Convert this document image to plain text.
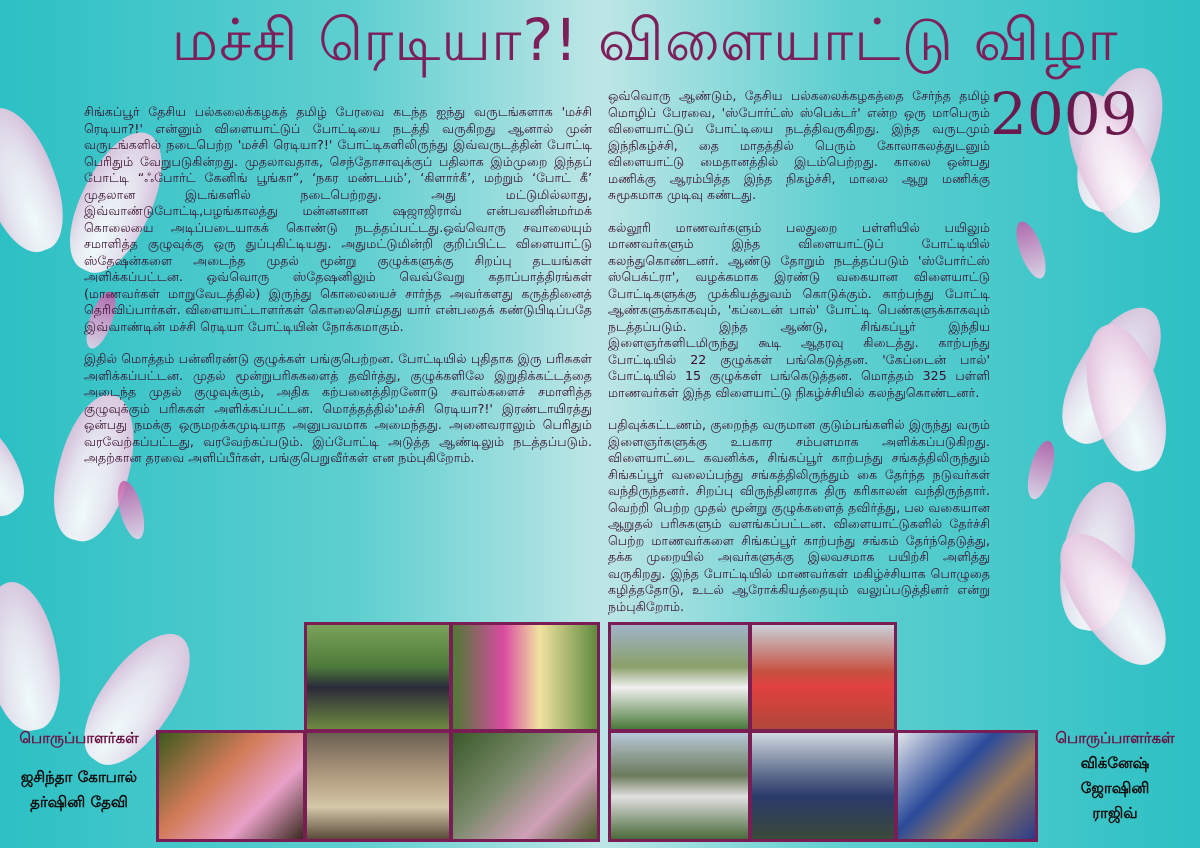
மச்சி ரெடியா?! விளையாட்டு விழா
2009

சிங்கப்பூர் தேசிய பல்கலைக்கழகத் தமிழ் பேரவை கடந்த ஐந்து வருடங்களாக 'மச்சி ரெடியா?!' என்னும் விளையாட்டுப் போட்டியை நடத்தி வருகிறது ஆனால் முன் வருடங்களில் நடைபெற்ற 'மச்சி ரெடியா?!' போட்டிகளிலிருந்து இவ்வருடத்தின் போட்டி பெரிதும் வேறுபடுகின்றது. முதலாவதாக, செந்தோசாவுக்குப் பதிலாக இம்முறை இந்தப் போட்டி “ஃபோர்ட் கேனிங் பூங்கா”, ‘நகர மண்டபம்’, ‘கிளார்கீ’, மற்றும் ‘போட் கீ’ முதலான இடங்களில் நடைபெற்றது. அது மட்டுமில்லாது, இவ்வாண்டுபோட்டி,பழங்காலத்து மன்னனான ஷஜாஜிராவ் என்பவனின்மர்மக் கொலையை அடிப்படையாகக் கொண்டு நடத்தப்பட்டது.ஒவ்வொரு சவாலையும் சமாளித்த குழுவுக்கு ஒரு துப்புகிட்டியது. அதுமட்டுமின்றி குறிப்பிட்ட விளையாட்டு ஸ்தேஷன்களை அடைந்த முதல் மூன்று குழுக்களுக்கு சிறப்பு தடயங்கள் அளிக்கப்பட்டன. ஒவ்வொரு ஸ்தேஷனிலும் வெவ்வேறு கதாப்பாத்திரங்கள் (மாணவர்கள் மாறுவேடத்தில்) இருந்து கொலையைச் சார்ந்த அவர்களது கருத்தினைத் தெரிவிப்பார்கள். விளையாட்டாளர்கள் கொலைசெய்தது யார் என்பதைக் கண்டுபிடிப்பதே இவ்வாண்டின் மச்சி ரெடியா போட்டியின் நோக்கமாகும்.

இதில் மொத்தம் பன்னிரண்டு குழுக்கள் பங்குபெற்றன. போட்டியில் புதிதாக இரு பரிசுகள் அளிக்கப்பட்டன. முதல் மூன்றுபரிசுகளைத் தவிர்த்து, குழுக்களிலே இறுதிக்கட்டத்தை அடைந்த முதல் குழுவுக்கும், அதிக கற்பனைத்திறனோடு சவால்களைச் சமாளித்த குழுவுக்கும் பரிசுகள் அளிக்கப்பட்டன. மொத்தத்தில்'மச்சி ரெடியா?!' இரண்டாயிரத்து ஒன்பது நமக்கு ஒருமறக்கமுடியாத அனுபவமாக அமைந்தது. அனைவராலும் பெரிதும் வரவேற்கப்பட்டது, வரவேற்கப்படும். இப்போட்டி அடுத்த ஆண்டிலும் நடத்தப்படும். அதற்கான தரவை அளிப்பீர்கள், பங்குபெறுவீர்கள் என நம்புகிறோம்.

ஒவ்வொரு ஆண்டும், தேசிய பல்கலைக்கழகத்தை சேர்ந்த தமிழ் மொழிப் பேரவை, 'ஸ்போர்ட்ஸ் ஸ்பெக்டர்' என்ற ஒரு மாபெரும் விளையாட்டுப் போட்டியை நடத்திவருகிறது. இந்த வருடமும் இந்நிகழ்ச்சி, தை மாதத்தில் பெரும் கோலாகலத்துடனும் விளையாட்டு மைதானத்தில் இடம்பெற்றது. காலை ஒன்பது மணிக்கு ஆரம்பித்த இந்த நிகழ்ச்சி, மாலை ஆறு மணிக்கு சுமூகமாக முடிவு கண்டது.

கல்லூரி மாணவர்களும் பலதுறை பள்ளியில் பயிலும் மாணவர்களும் இந்த விளையாட்டுப் போட்டியில் கலந்துகொண்டனர். ஆண்டு தோறும் நடத்தப்படும் 'ஸ்போர்ட்ஸ் ஸ்பெக்ட்ரா', வழக்கமாக இரண்டு வகையான விளையாட்டு போட்டிகளுக்கு முக்கியத்துவம் கொடுக்கும். காற்பந்து போட்டி ஆண்களுக்காகவும், 'கப்டைன் பால்' போட்டி பெண்களுக்காகவும் நடத்தப்படும். இந்த ஆண்டு, சிங்கப்பூர் இந்திய இளைஞர்களிடமிருந்து கூடி ஆதரவு கிடைத்து. காற்பந்து போட்டியில் 22 குழுக்கள் பங்கெடுத்தன. 'கேப்டைன் பால்' போட்டியில் 15 குழுக்கள் பங்கெடுத்தன. மொத்தம் 325 பள்ளி மாணவர்கள் இந்த விளையாட்டு நிகழ்ச்சியில் கலந்துகொண்டனர்.

பதிவுக்கட்டணம், குறைந்த வருமான குடும்பங்களில் இருந்து வரும் இளைஞர்களுக்கு உபகார சம்பளமாக அளிக்கப்படுகிறது. விளையாட்டை கவனிக்க, சிங்கப்பூர் காற்பந்து சங்கத்திலிருந்தும் சிங்கப்பூர் வலைப்பந்து சங்கத்திலிருந்தும் கை தேர்ந்த நடுவர்கள் வந்திருந்தனர். சிறப்பு விருந்தினராக திரு கரிகாலன் வந்திருந்தார். வெற்றி பெற்ற முதல் மூன்று குழுக்களைத் தவிர்த்து, பல வகையான ஆறுதல் பரிசுகளும் வளங்கப்பட்டன. விளையாட்டுகளில் தேர்ச்சி பெற்ற மாணவர்களை சிங்கப்பூர் காற்பந்து சங்கம் தேர்ந்தெடுத்து, தக்க முறையில் அவர்களுக்கு இலவசமாக பயிற்சி அளித்து வருகிறது. இந்த போட்டியில் மாணவர்கள் மகிழ்ச்சியாக பொழுதை கழித்ததோடு, உடல் ஆரோக்கியத்தையும் வலுப்படுத்தினர் என்று நம்புகிறோம்.

பொருப்பாளர்கள்
ஜசிந்தா கோபால்
தர்ஷினி தேவி
பொருப்பாளர்கள்
விக்னேஷ்
ஜோஷினி
ராஜிவ்
